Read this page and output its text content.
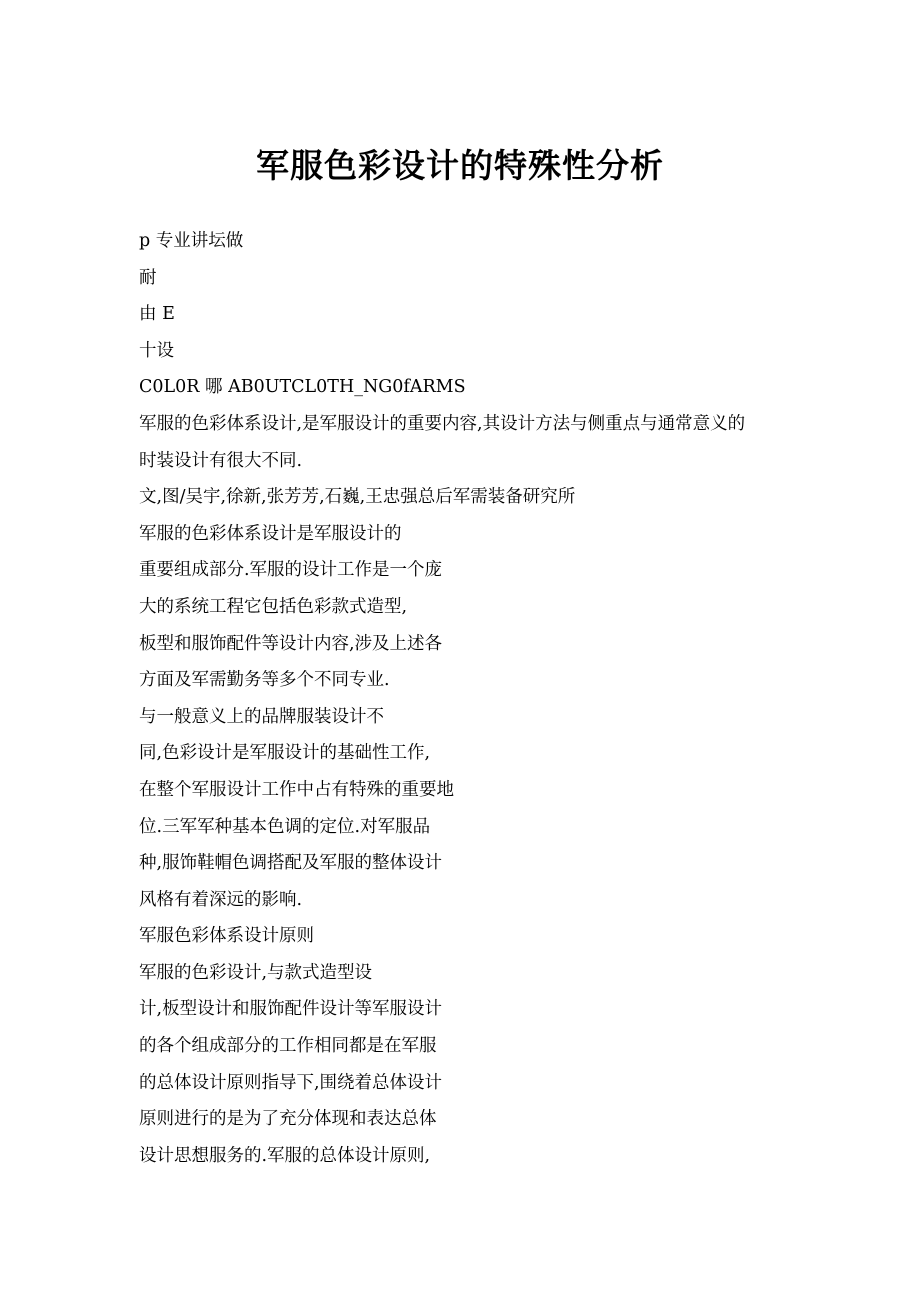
军服色彩设计的特殊性分析
p 专业讲坛做
耐
由 E
十设
C0L0R 哪 AB0UTCL0TH_NG0fARMS
军服的色彩体系设计,是军服设计的重要内容,其设计方法与侧重点与通常意义的
时装设计有很大不同.
文,图/吴宇,徐新,张芳芳,石巍,王忠强总后军需装备研究所
军服的色彩体系设计是军服设计的
重要组成部分.军服的设计工作是一个庞
大的系统工程它包括色彩款式造型,
板型和服饰配件等设计内容,涉及上述各
方面及军需勤务等多个不同专业.
与一般意义上的品牌服装设计不
同,色彩设计是军服设计的基础性工作,
在整个军服设计工作中占有特殊的重要地
位.三军军种基本色调的定位.对军服品
种,服饰鞋帽色调搭配及军服的整体设计
风格有着深远的影响.
军服色彩体系设计原则
军服的色彩设计,与款式造型设
计,板型设计和服饰配件设计等军服设计
的各个组成部分的工作相同都是在军服
的总体设计原则指导下,围绕着总体设计
原则进行的是为了充分体现和表达总体
设计思想服务的.军服的总体设计原则,
